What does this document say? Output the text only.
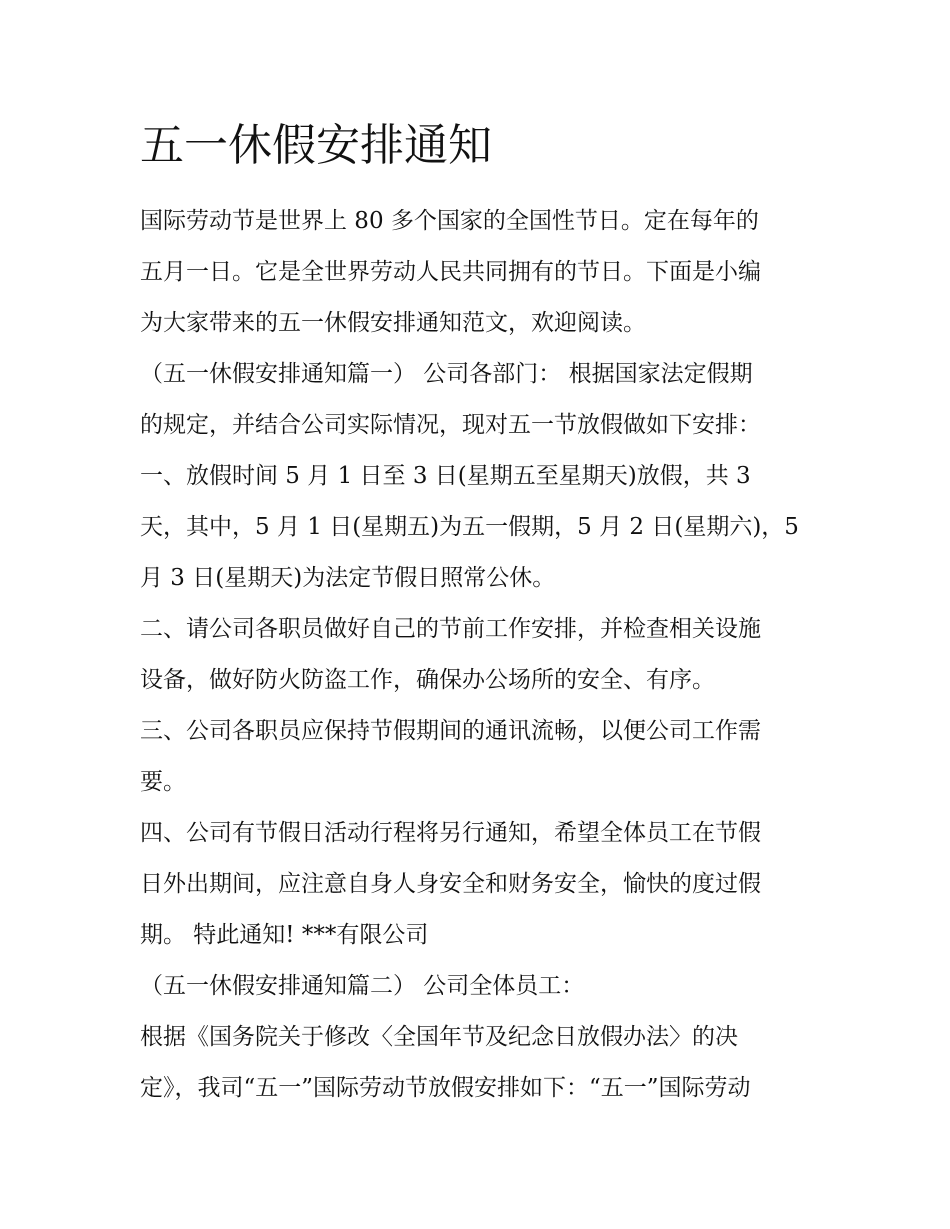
五一休假安排通知
国际劳动节是世界上 80 多个国家的全国性节日。定在每年的
五月一日。它是全世界劳动人民共同拥有的节日。下面是小编
为大家带来的五一休假安排通知范文，欢迎阅读。
（五一休假安排通知篇一） 公司各部门： 根据国家法定假期
的规定，并结合公司实际情况，现对五一节放假做如下安排：
一、放假时间 5 月 1 日至 3 日(星期五至星期天)放假，共 3
天，其中，5 月 1 日(星期五)为五一假期，5 月 2 日(星期六)，5
月 3 日(星期天)为法定节假日照常公休。
二、请公司各职员做好自己的节前工作安排，并检查相关设施
设备，做好防火防盗工作，确保办公场所的安全、有序。
三、公司各职员应保持节假期间的通讯流畅，以便公司工作需
要。
四、公司有节假日活动行程将另行通知，希望全体员工在节假
日外出期间，应注意自身人身安全和财务安全，愉快的度过假
期。 特此通知! ***有限公司
（五一休假安排通知篇二） 公司全体员工：
根据《国务院关于修改〈全国年节及纪念日放假办法〉的决
定》，我司“五一”国际劳动节放假安排如下：“五一”国际劳动
